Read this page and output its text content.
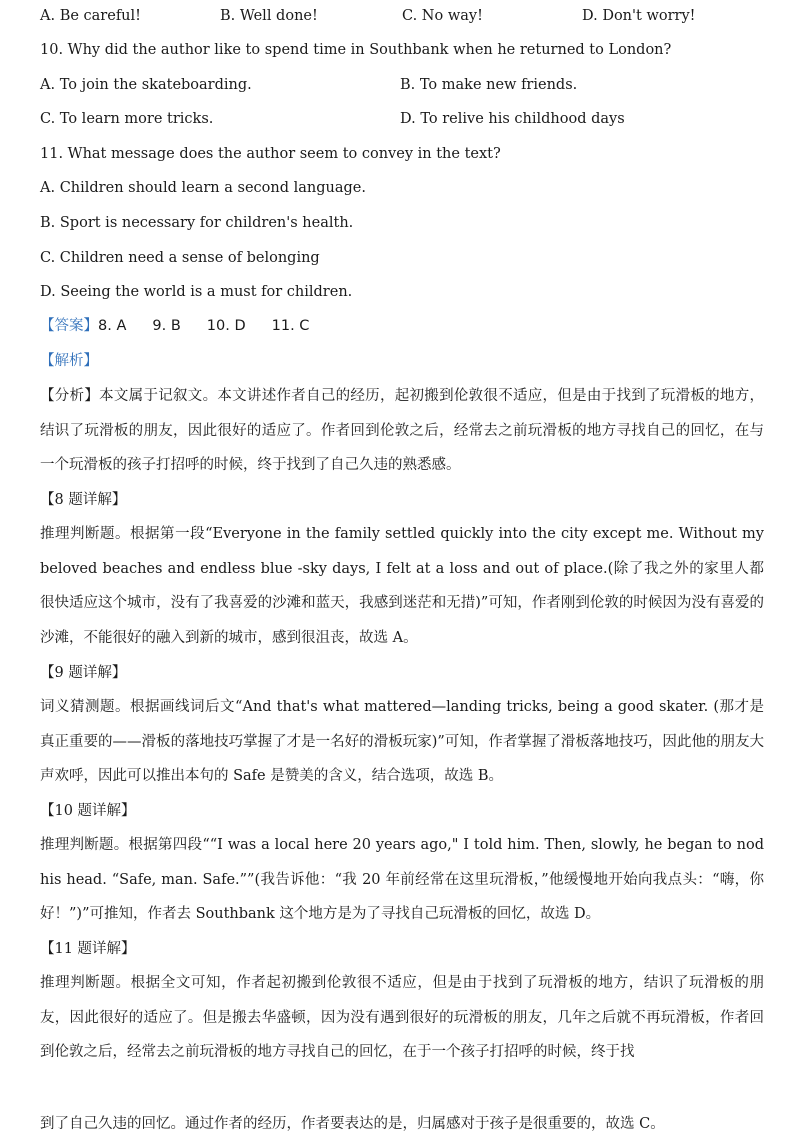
A. Be careful!	B. Well done!	C. No way!	D. Don't worry!
10. Why did the author like to spend time in Southbank when he returned to London?
A. To join the skateboarding.	B. To make new friends.
C. To learn more tricks.	D. To relive his childhood days
11. What message does the author seem to convey in the text?
A. Children should learn a second language.
B. Sport is necessary for children's health.
C. Children need a sense of belonging
D. Seeing the world is a must for children.
【答案】8. A 9. B 10. D 11. C
【解析】
【分析】本文属于记叙文。本文讲述作者自己的经历，起初搬到伦敦很不适应，但是由于找到了玩滑板的地方，结识了玩滑板的朋友，因此很好的适应了。作者回到伦敦之后，经常去之前玩滑板的地方寻找自己的回忆，在与一个玩滑板的孩子打招呼的时候，终于找到了自己久违的熟悉感。
【8 题详解】
推理判断题。根据第一段“Everyone in the family settled quickly into the city except me. Without my beloved beaches and endless blue -sky days, I felt at a loss and out of place.(除了我之外的家里人都很快适应这个城市，没有了我喜爱的沙滩和蓝天，我感到迷茫和无措)”可知，作者刚到伦敦的时候因为没有喜爱的沙滩，不能很好的融入到新的城市，感到很沮丧，故选 A。
【9 题详解】
词义猜测题。根据画线词后文“And that's what mattered—landing tricks, being a good skater. (那才是真正重要的——滑板的落地技巧掌握了才是一名好的滑板玩家)”可知，作者掌握了滑板落地技巧，因此他的朋友大声欢呼，因此可以推出本句的 Safe 是赞美的含义，结合选项，故选 B。
【10 题详解】
推理判断题。根据第四段““I was a local here 20 years ago," I told him. Then, slowly, he began to nod his head. “Safe, man. Safe.””(我告诉他：“我 20 年前经常在这里玩滑板，”他缓慢地开始向我点头：“嗨，你好！”)”可推知，作者去 Southbank 这个地方是为了寻找自己玩滑板的回忆，故选 D。
【11 题详解】
推理判断题。根据全文可知，作者起初搬到伦敦很不适应，但是由于找到了玩滑板的地方，结识了玩滑板的朋友，因此很好的适应了。但是搬去华盛顿，因为没有遇到很好的玩滑板的朋友，几年之后就不再玩滑板，作者回到伦敦之后，经常去之前玩滑板的地方寻找自己的回忆，在于一个孩子打招呼的时候，终于找
到了自己久违的回忆。通过作者的经历，作者要表达的是，归属感对于孩子是很重要的，故选 C。
